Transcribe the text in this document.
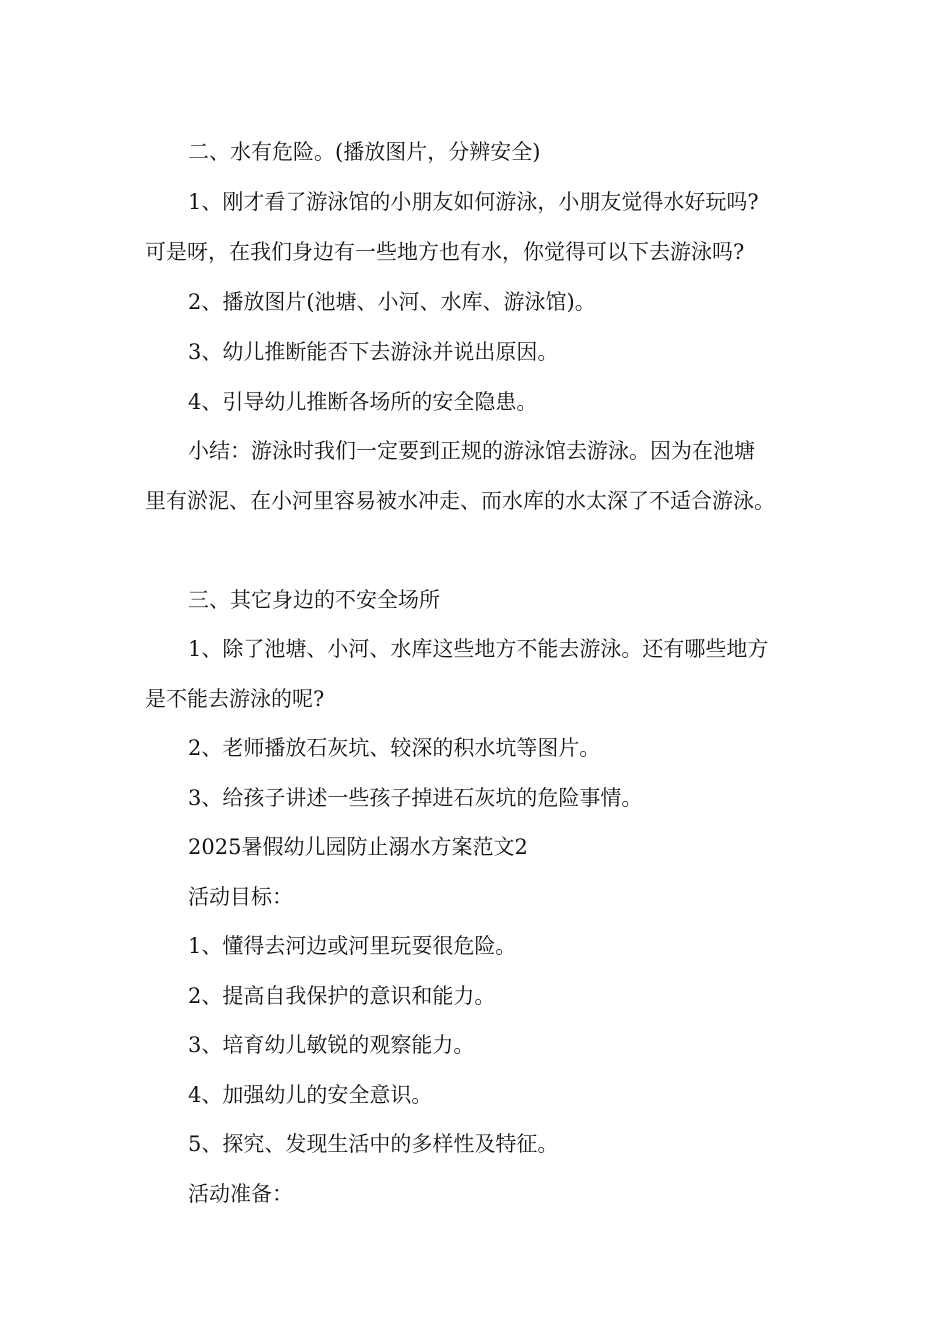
二、水有危险。(播放图片，分辨安全)
1、刚才看了游泳馆的小朋友如何游泳，小朋友觉得水好玩吗?
可是呀，在我们身边有一些地方也有水，你觉得可以下去游泳吗?
2、播放图片(池塘、小河、水库、游泳馆)。
3、幼儿推断能否下去游泳并说出原因。
4、引导幼儿推断各场所的安全隐患。
小结：游泳时我们一定要到正规的游泳馆去游泳。因为在池塘
里有淤泥、在小河里容易被水冲走、而水库的水太深了不适合游泳。
三、其它身边的不安全场所
1、除了池塘、小河、水库这些地方不能去游泳。还有哪些地方
是不能去游泳的呢?
2、老师播放石灰坑、较深的积水坑等图片。
3、给孩子讲述一些孩子掉进石灰坑的危险事情。
2025暑假幼儿园防止溺水方案范文2
活动目标：
1、懂得去河边或河里玩耍很危险。
2、提高自我保护的意识和能力。
3、培育幼儿敏锐的观察能力。
4、加强幼儿的安全意识。
5、探究、发现生活中的多样性及特征。
活动准备：
